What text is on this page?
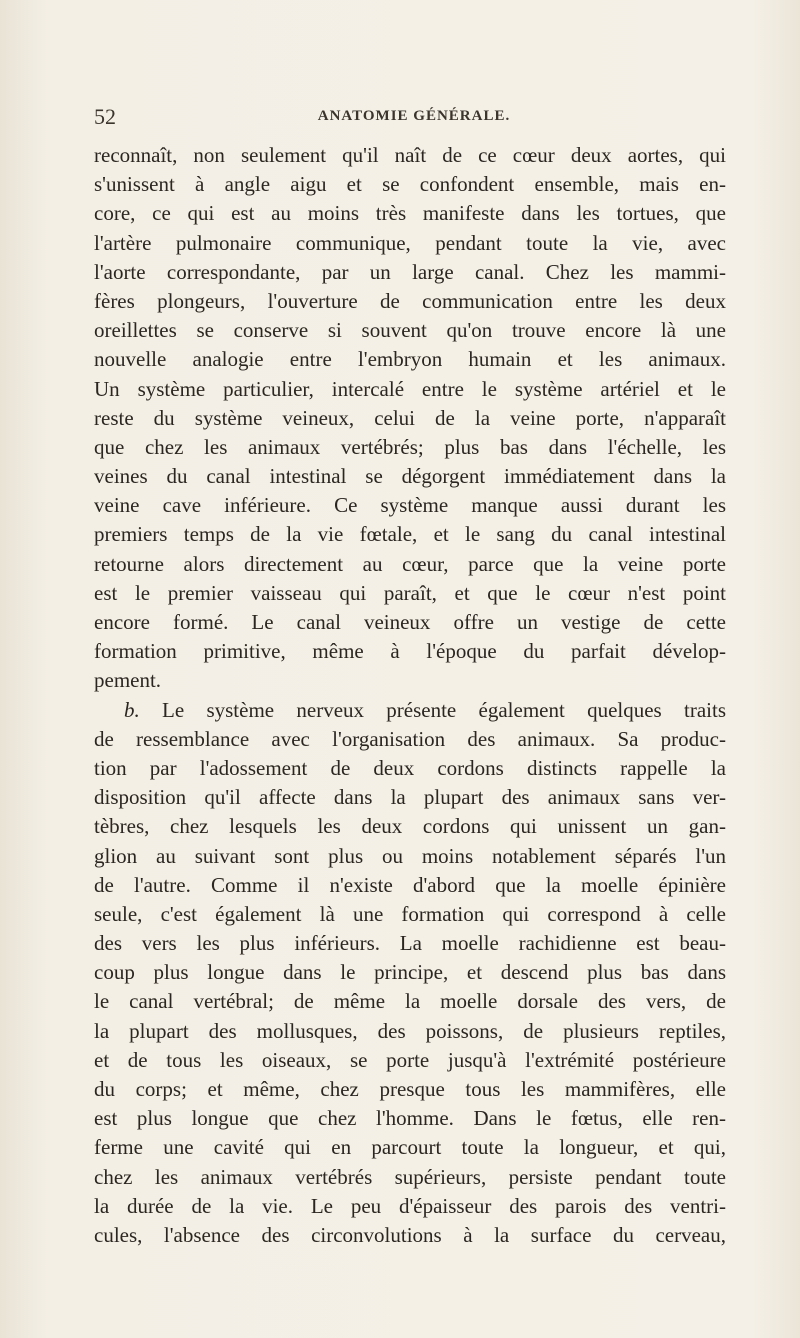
52	ANATOMIE GÉNÉRALE.
reconnaît, non seulement qu'il naît de ce cœur deux aortes, qui
s'unissent à angle aigu et se confondent ensemble, mais en-
core, ce qui est au moins très manifeste dans les tortues, que
l'artère pulmonaire communique, pendant toute la vie, avec
l'aorte correspondante, par un large canal. Chez les mammi-
fères plongeurs, l'ouverture de communication entre les deux
oreillettes se conserve si souvent qu'on trouve encore là une
nouvelle analogie entre l'embryon humain et les animaux.
Un système particulier, intercalé entre le système artériel et le
reste du système veineux, celui de la veine porte, n'apparaît
que chez les animaux vertébrés; plus bas dans l'échelle, les
veines du canal intestinal se dégorgent immédiatement dans la
veine cave inférieure. Ce système manque aussi durant les
premiers temps de la vie fœtale, et le sang du canal intestinal
retourne alors directement au cœur, parce que la veine porte
est le premier vaisseau qui paraît, et que le cœur n'est point
encore formé. Le canal veineux offre un vestige de cette
formation primitive, même à l'époque du parfait dévelop-
pement.
b. Le système nerveux présente également quelques traits
de ressemblance avec l'organisation des animaux. Sa produc-
tion par l'adossement de deux cordons distincts rappelle la
disposition qu'il affecte dans la plupart des animaux sans ver-
tèbres, chez lesquels les deux cordons qui unissent un gan-
glion au suivant sont plus ou moins notablement séparés l'un
de l'autre. Comme il n'existe d'abord que la moelle épinière
seule, c'est également là une formation qui correspond à celle
des vers les plus inférieurs. La moelle rachidienne est beau-
coup plus longue dans le principe, et descend plus bas dans
le canal vertébral; de même la moelle dorsale des vers, de
la plupart des mollusques, des poissons, de plusieurs reptiles,
et de tous les oiseaux, se porte jusqu'à l'extrémité postérieure
du corps; et même, chez presque tous les mammifères, elle
est plus longue que chez l'homme. Dans le fœtus, elle ren-
ferme une cavité qui en parcourt toute la longueur, et qui,
chez les animaux vertébrés supérieurs, persiste pendant toute
la durée de la vie. Le peu d'épaisseur des parois des ventri-
cules, l'absence des circonvolutions à la surface du cerveau,
